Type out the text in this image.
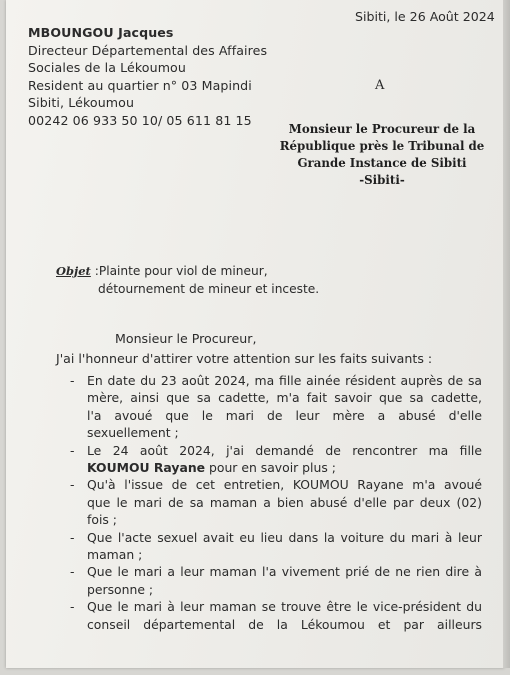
Sibiti, le 26 Août 2024
MBOUNGOU Jacques
Directeur Départemental des Affaires
Sociales de la Lékoumou
Resident au quartier n° 03 Mapindi
Sibiti, Lékoumou
00242 06 933 50 10/ 05 611 81 15
A
Monsieur le Procureur de la
République près le Tribunal de
Grande Instance de Sibiti
-Sibiti-
Objet :Plainte pour viol de mineur,
détournement de mineur et inceste.
Monsieur le Procureur,
J'ai l'honneur d'attirer votre attention sur les faits suivants :
- En date du 23 août 2024, ma fille ainée résident auprès de sa
mère, ainsi que sa cadette, m'a fait savoir que sa cadette,
l'a avoué que le mari de leur mère a abusé d'elle
sexuellement ;
- Le 24 août 2024, j'ai demandé de rencontrer ma fille
KOUMOU Rayane pour en savoir plus ;
- Qu'à l'issue de cet entretien, KOUMOU Rayane m'a avoué
que le mari de sa maman a bien abusé d'elle par deux (02)
fois ;
- Que l'acte sexuel avait eu lieu dans la voiture du mari à leur
maman ;
- Que le mari a leur maman l'a vivement prié de ne rien dire à
personne ;
- Que le mari à leur maman se trouve être le vice-président du
conseil départemental de la Lékoumou et par ailleurs
